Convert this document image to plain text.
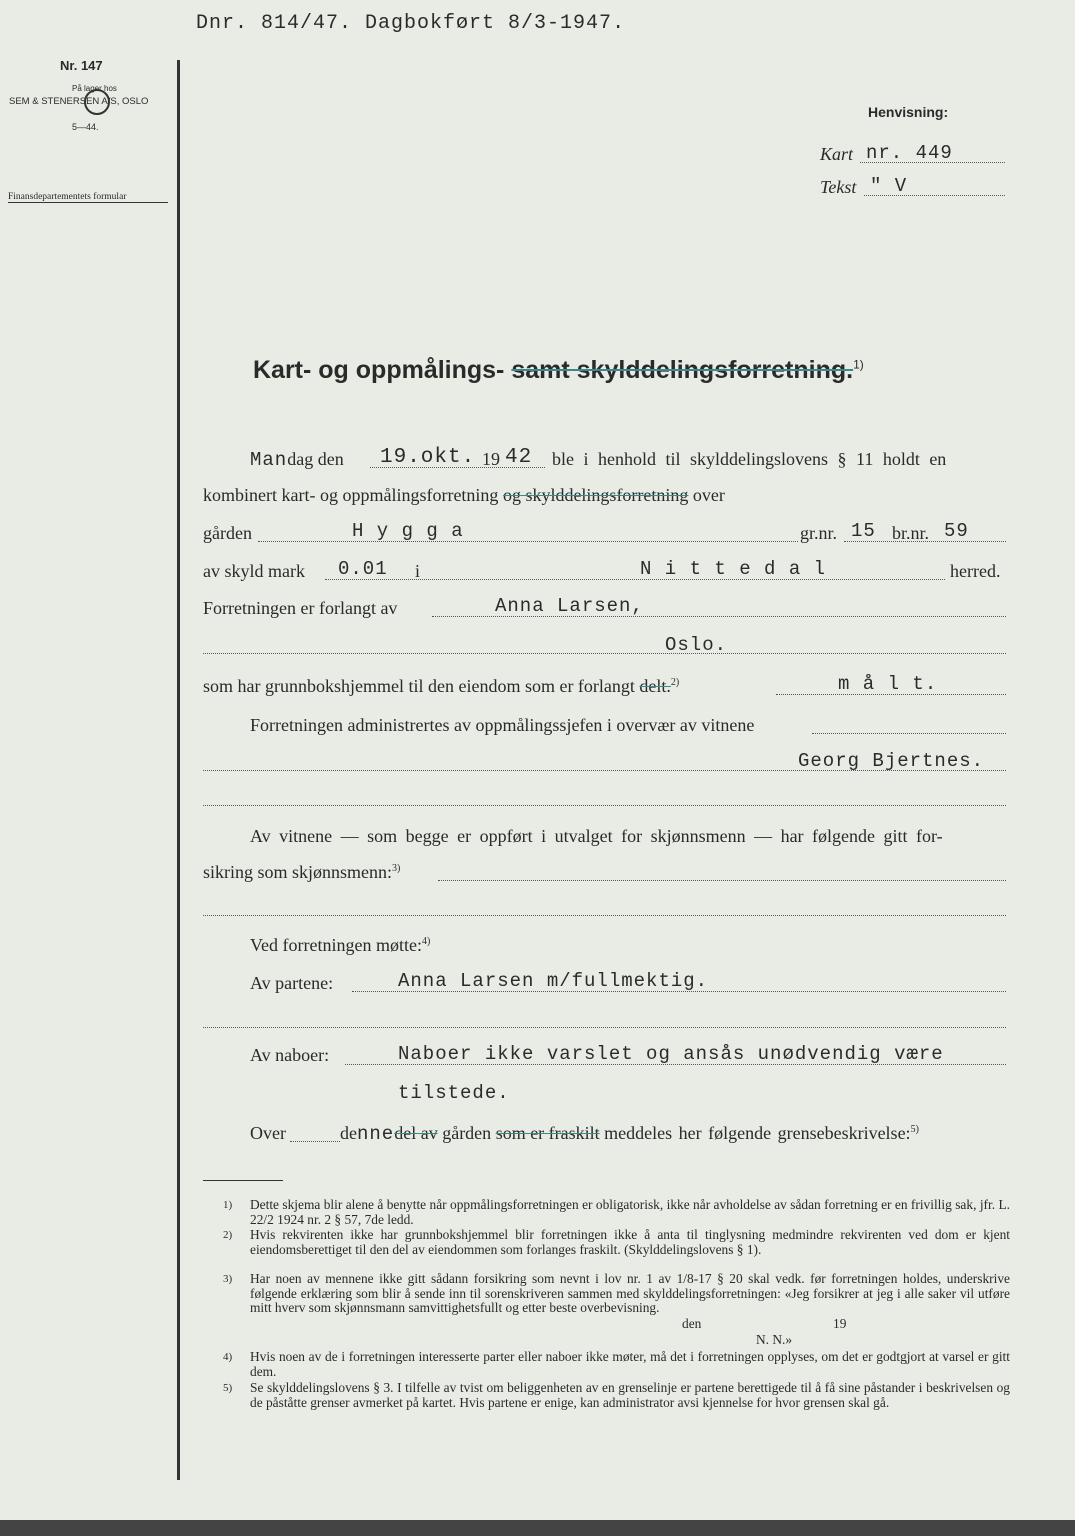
Nr. 147
På lager hos
SEM & STENERSEN A/S, OSLO
5—44.
Finansdepartementets formular
Dnr. 814/47. Dagbokført 8/3-1947.
Henvisning:
Kart nr. 449
Tekst " V
Kart- og oppmålings- samt skylddelingsforretning.$^{1)}$
Mandag den 19.okt. 19 42 ble i henhold til skylddelingslovens § 11 holdt en
kombinert kart- og oppmålingsforretning og skylddelingsforretning over
gården	H y g g a	gr.nr. 15 br.nr. 59
av skyld mark 0.01 i	N i t t e d a l	herred.
Forretningen er forlangt av	Anna Larsen,
Oslo.
som har grunnbokshjemmel til den eiendom som er forlangt delt.$^{2)}$	m å l t.
Forretningen administrertes av oppmålingssjefen i overvær av vitnene
Georg Bjertnes.
Av vitnene — som begge er oppført i utvalget for skjønnsmenn — har følgende gitt for-
sikring som skjønnsmenn:$^{3)}$
Ved forretningen møtte:$^{4)}$
Av partene:	Anna Larsen m/fullmektig.
Av naboer:	Naboer ikke varslet og ansås unødvendig være
tilstede.
Over	dennedel av gården som er fraskilt meddeles her følgende grensebeskrivelse:$^{5)}$
1) Dette skjema blir alene å benytte når oppmålingsforretningen er obligatorisk, ikke når avholdelse av sådan forretning er en frivillig sak, jfr. L. 22/2 1924 nr. 2 § 57, 7de ledd.
2) Hvis rekvirenten ikke har grunnbokshjemmel blir forretningen ikke å anta til tinglysning medmindre rekvirenten ved dom er kjent eiendomsberettiget til den del av eiendommen som forlanges fraskilt. (Skylddelingslovens § 1).
3) Har noen av mennene ikke gitt sådann forsikring som nevnt i lov nr. 1 av 1/8-17 § 20 skal vedk. før forretningen holdes, underskrive følgende erklæring som blir å sende inn til sorenskriveren sammen med skylddelingsforretningen: «Jeg forsikrer at jeg i alle saker vil utføre mitt hverv som skjønnsmann samvittighetsfullt og etter beste overbevisning.
den	19
N. N.»
4) Hvis noen av de i forretningen interesserte parter eller naboer ikke møter, må det i forretningen opplyses, om det er godtgjort at varsel er gitt dem.
5) Se skylddelingslovens § 3. I tilfelle av tvist om beliggenheten av en grenselinje er partene berettigede til å få sine påstander i beskrivelsen og de påståtte grenser avmerket på kartet. Hvis partene er enige, kan administrator avsi kjennelse for hvor grensen skal gå.
